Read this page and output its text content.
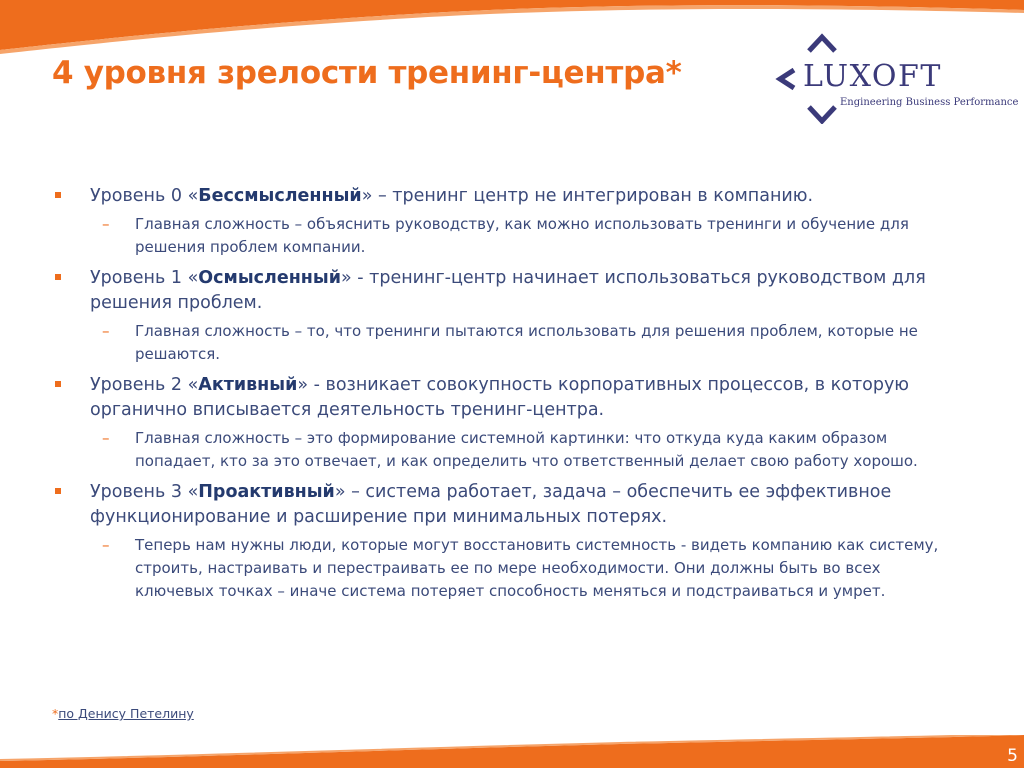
4 уровня зрелости тренинг-центра*	LUXOFT
Engineering Business Performance
Уровень 0 «Бессмысленный» – тренинг центр не интегрирован в компанию.
– Главная сложность – объяснить руководству, как можно использовать тренинги и обучение для решения проблем компании.
Уровень 1 «Осмысленный» - тренинг-центр начинает использоваться руководством для решения проблем.
– Главная сложность – то, что тренинги пытаются использовать для решения проблем, которые не решаются.
Уровень 2 «Активный» - возникает совокупность корпоративных процессов, в которую органично вписывается деятельность тренинг-центра.
– Главная сложность – это формирование системной картинки: что откуда куда каким образом попадает, кто за это отвечает, и как определить что ответственный делает свою работу хорошо.
Уровень 3 «Проактивный» – система работает, задача – обеспечить ее эффективное функционирование и расширение при минимальных потерях.
– Теперь нам нужны люди, которые могут восстановить системность - видеть компанию как систему, строить, настраивать и перестраивать ее по мере необходимости. Они должны быть во всех ключевых точках – иначе система потеряет способность меняться и подстраиваться и умрет.
*по Денису Петелину
5
